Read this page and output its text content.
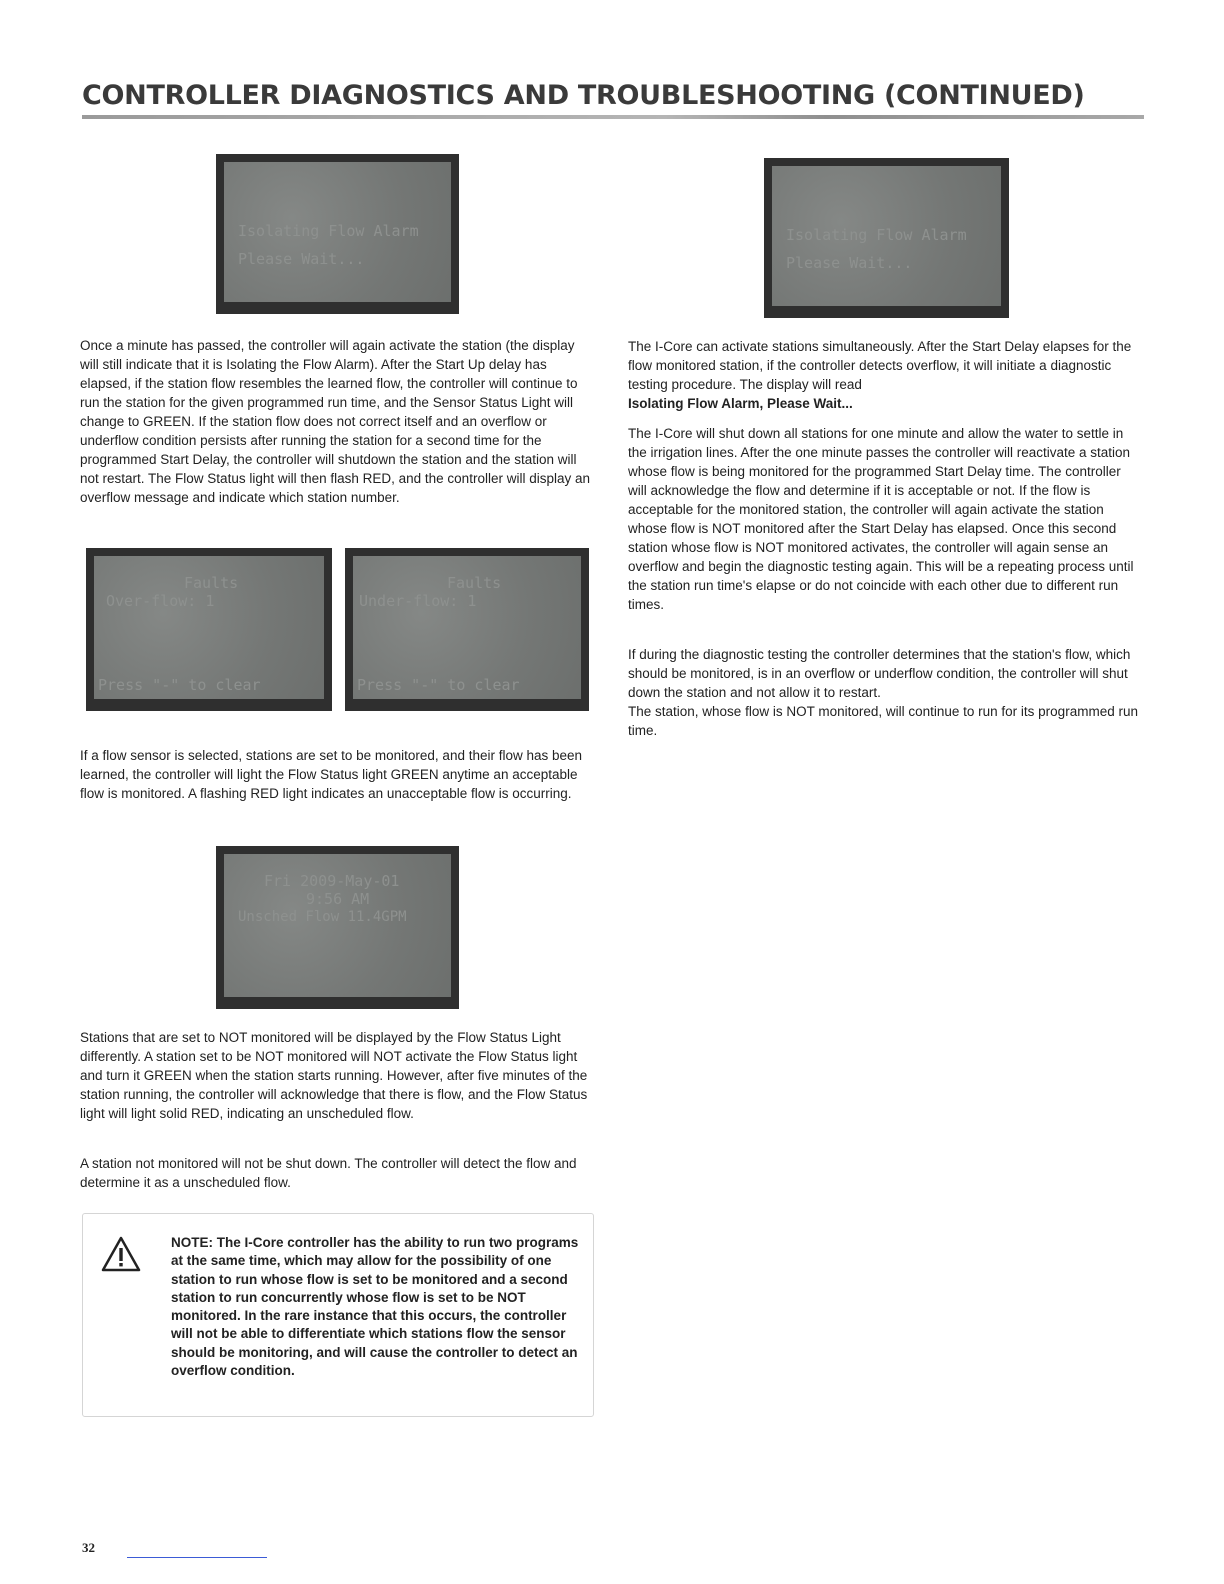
CONTROLLER DIAGNOSTICS AND TROUBLESHOOTING (CONTINUED)
Isolating Flow Alarm
Please Wait...

Once a minute has passed, the controller will again activate the station (the display will still indicate that it is Isolating the Flow Alarm). After the Start Up delay has elapsed, if the station flow resembles the learned flow, the controller will continue to run the station for the given programmed run time, and the Sensor Status Light will change to GREEN. If the station flow does not correct itself and an overflow or underflow condition persists after running the station for a second time for the programmed Start Delay, the controller will shutdown the station and the station will not restart. The Flow Status light will then flash RED, and the controller will display an overflow message and indicate which station number.

Faults
Over-flow: 1
Press "-" to clear
Faults
Under-flow: 1
Press "-" to clear

If a flow sensor is selected, stations are set to be monitored, and their flow has been learned, the controller will light the Flow Status light GREEN anytime an acceptable flow is monitored. A flashing RED light indicates an unacceptable flow is occurring.

Fri 2009-May-01
9:56 AM
Unsched Flow 11.4GPM

Stations that are set to NOT monitored will be displayed by the Flow Status Light differently. A station set to be NOT monitored will NOT activate the Flow Status light and turn it GREEN when the station starts running. However, after five minutes of the station running, the controller will acknowledge that there is flow, and the Flow Status light will light solid RED, indicating an unscheduled flow.

A station not monitored will not be shut down. The controller will detect the flow and determine it as a unscheduled flow.

NOTE: The I-Core controller has the ability to run two programs at the same time, which may allow for the possibility of one station to run whose flow is set to be monitored and a second station to run concurrently whose flow is set to be NOT monitored. In the rare instance that this occurs, the controller will not be able to differentiate which stations flow the sensor should be monitoring, and will cause the controller to detect an overflow condition.

Isolating Flow Alarm
Please Wait...

The I-Core can activate stations simultaneously. After the Start Delay elapses for the flow monitored station, if the controller detects overflow, it will initiate a diagnostic testing procedure. The display will read

Isolating Flow Alarm, Please Wait...

The I-Core will shut down all stations for one minute and allow the water to settle in the irrigation lines. After the one minute passes the controller will reactivate a station whose flow is being monitored for the programmed Start Delay time. The controller will acknowledge the flow and determine if it is acceptable or not. If the flow is acceptable for the monitored station, the controller will again activate the station whose flow is NOT monitored after the Start Delay has elapsed. Once this second station whose flow is NOT monitored activates, the controller will again sense an overflow and begin the diagnostic testing again. This will be a repeating process until the station run time's elapse or do not coincide with each other due to different run times.

If during the diagnostic testing the controller determines that the station's flow, which should be monitored, is in an overflow or underflow condition, the controller will shut down the station and not allow it to restart.

The station, whose flow is NOT monitored, will continue to run for its programmed run time.

32
